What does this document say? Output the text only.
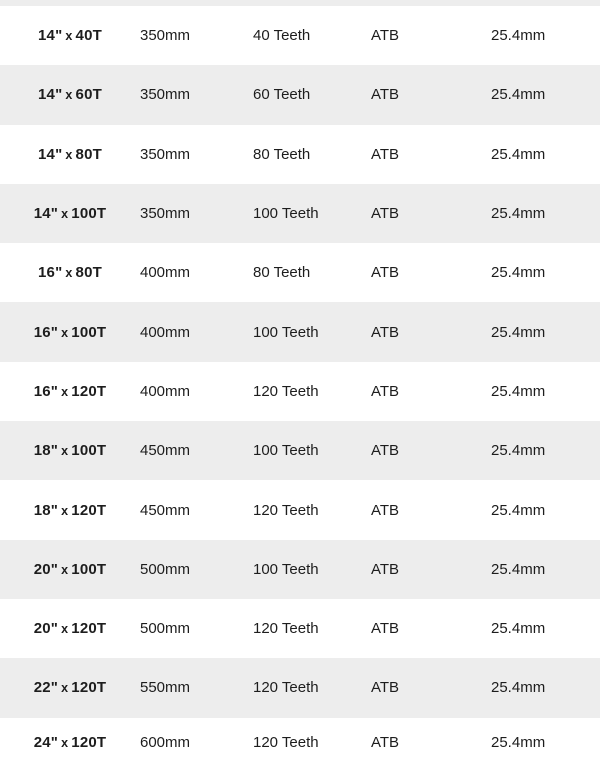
14" x 40T	350mm	40 Teeth	ATB	25.4mm
14" x 60T	350mm	60 Teeth	ATB	25.4mm
14" x 80T	350mm	80 Teeth	ATB	25.4mm
14" x 100T	350mm	100 Teeth	ATB	25.4mm
16" x 80T	400mm	80 Teeth	ATB	25.4mm
16" x 100T	400mm	100 Teeth	ATB	25.4mm
16" x 120T	400mm	120 Teeth	ATB	25.4mm
18" x 100T	450mm	100 Teeth	ATB	25.4mm
18" x 120T	450mm	120 Teeth	ATB	25.4mm
20" x 100T	500mm	100 Teeth	ATB	25.4mm
20" x 120T	500mm	120 Teeth	ATB	25.4mm
22" x 120T	550mm	120 Teeth	ATB	25.4mm
24" x 120T	600mm	120 Teeth	ATB	25.4mm
